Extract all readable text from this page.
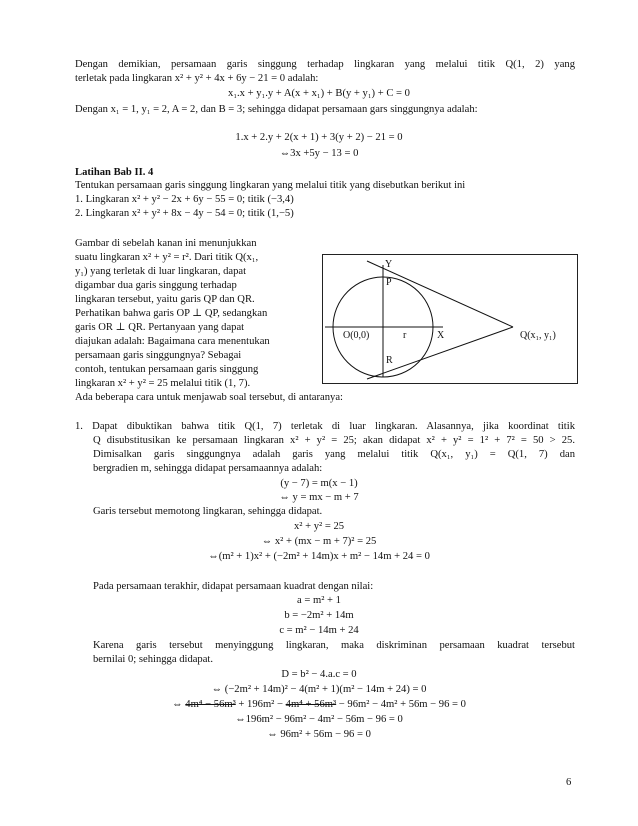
Dengan demikian, persamaan garis singgung terhadap lingkaran yang melalui titik Q(1, 2) yang
terletak pada lingkaran x² + y² + 4x + 6y − 21 = 0 adalah:
x₁.x + y₁.y + A(x + x₁) + B(y + y₁) + C = 0
Dengan x₁ = 1, y₁ = 2, A = 2, dan B = 3; sehingga didapat persamaan gars singgungnya adalah:
1.x + 2.y + 2(x + 1) + 3(y + 2) − 21 = 0
⇔3x +5y − 13 = 0
Latihan Bab II. 4
Tentukan persamaan garis singgung lingkaran yang melalui titik yang disebutkan berikut ini
1. Lingkaran x² + y² − 2x + 6y − 55 = 0; titik (−3,4)
2. Lingkaran x² + y² + 8x − 4y − 54 = 0; titik (1,−5)
Gambar di sebelah kanan ini menunjukkan
suatu lingkaran x² + y² = r². Dari titik Q(x₁,
y₁) yang terletak di luar lingkaran, dapat
digambar dua garis singgung terhadap
lingkaran tersebut, yaitu garis QP dan QR.
Perhatikan bahwa garis OP ⊥ QP, sedangkan
garis OR ⊥ QR. Pertanyaan yang dapat
diajukan adalah: Bagaimana cara menentukan
persamaan garis singgungnya? Sebagai
contoh, tentukan persamaan garis singgung
lingkaran x² + y² = 25 melalui titik (1, 7).
Y
P
O(0,0)	r	X
R
Q(x₁, y₁)
Ada beberapa cara untuk menjawab soal tersebut, di antaranya:
1. Dapat dibuktikan bahwa titik Q(1, 7) terletak di luar lingkaran. Alasannya, jika koordinat titik
Q disubstitusikan ke persamaan lingkaran x² + y² = 25; akan didapat x² + y² = 1² + 7² = 50 > 25.
Dimisalkan garis singgungnya adalah garis yang melalui titik Q(x₁, y₁) = Q(1, 7) dan
bergradien m, sehingga didapat persamaannya adalah:
(y − 7) = m(x − 1)
⇔ y = mx − m + 7
Garis tersebut memotong lingkaran, sehingga didapat.
x² + y² = 25
⇔ x² + (mx − m + 7)² = 25
⇔(m² + 1)x² + (−2m² + 14m)x + m² − 14m + 24 = 0
Pada persamaan terakhir, didapat persamaan kuadrat dengan nilai:
a = m² + 1
b = −2m² + 14m
c = m² − 14m + 24
Karena garis tersebut menyinggung lingkaran, maka diskriminan persamaan kuadrat tersebut
bernilai 0; sehingga didapat.
D = b² − 4.a.c = 0
⇔ (−2m² + 14m)² − 4(m² + 1)(m² − 14m + 24) = 0
⇔ 4m⁴ − 56m³ + 196m² − 4m⁴ + 56m³ − 96m² − 4m² + 56m − 96 = 0
⇔196m² − 96m² − 4m² − 56m − 96 = 0
⇔ 96m² + 56m − 96 = 0
6
